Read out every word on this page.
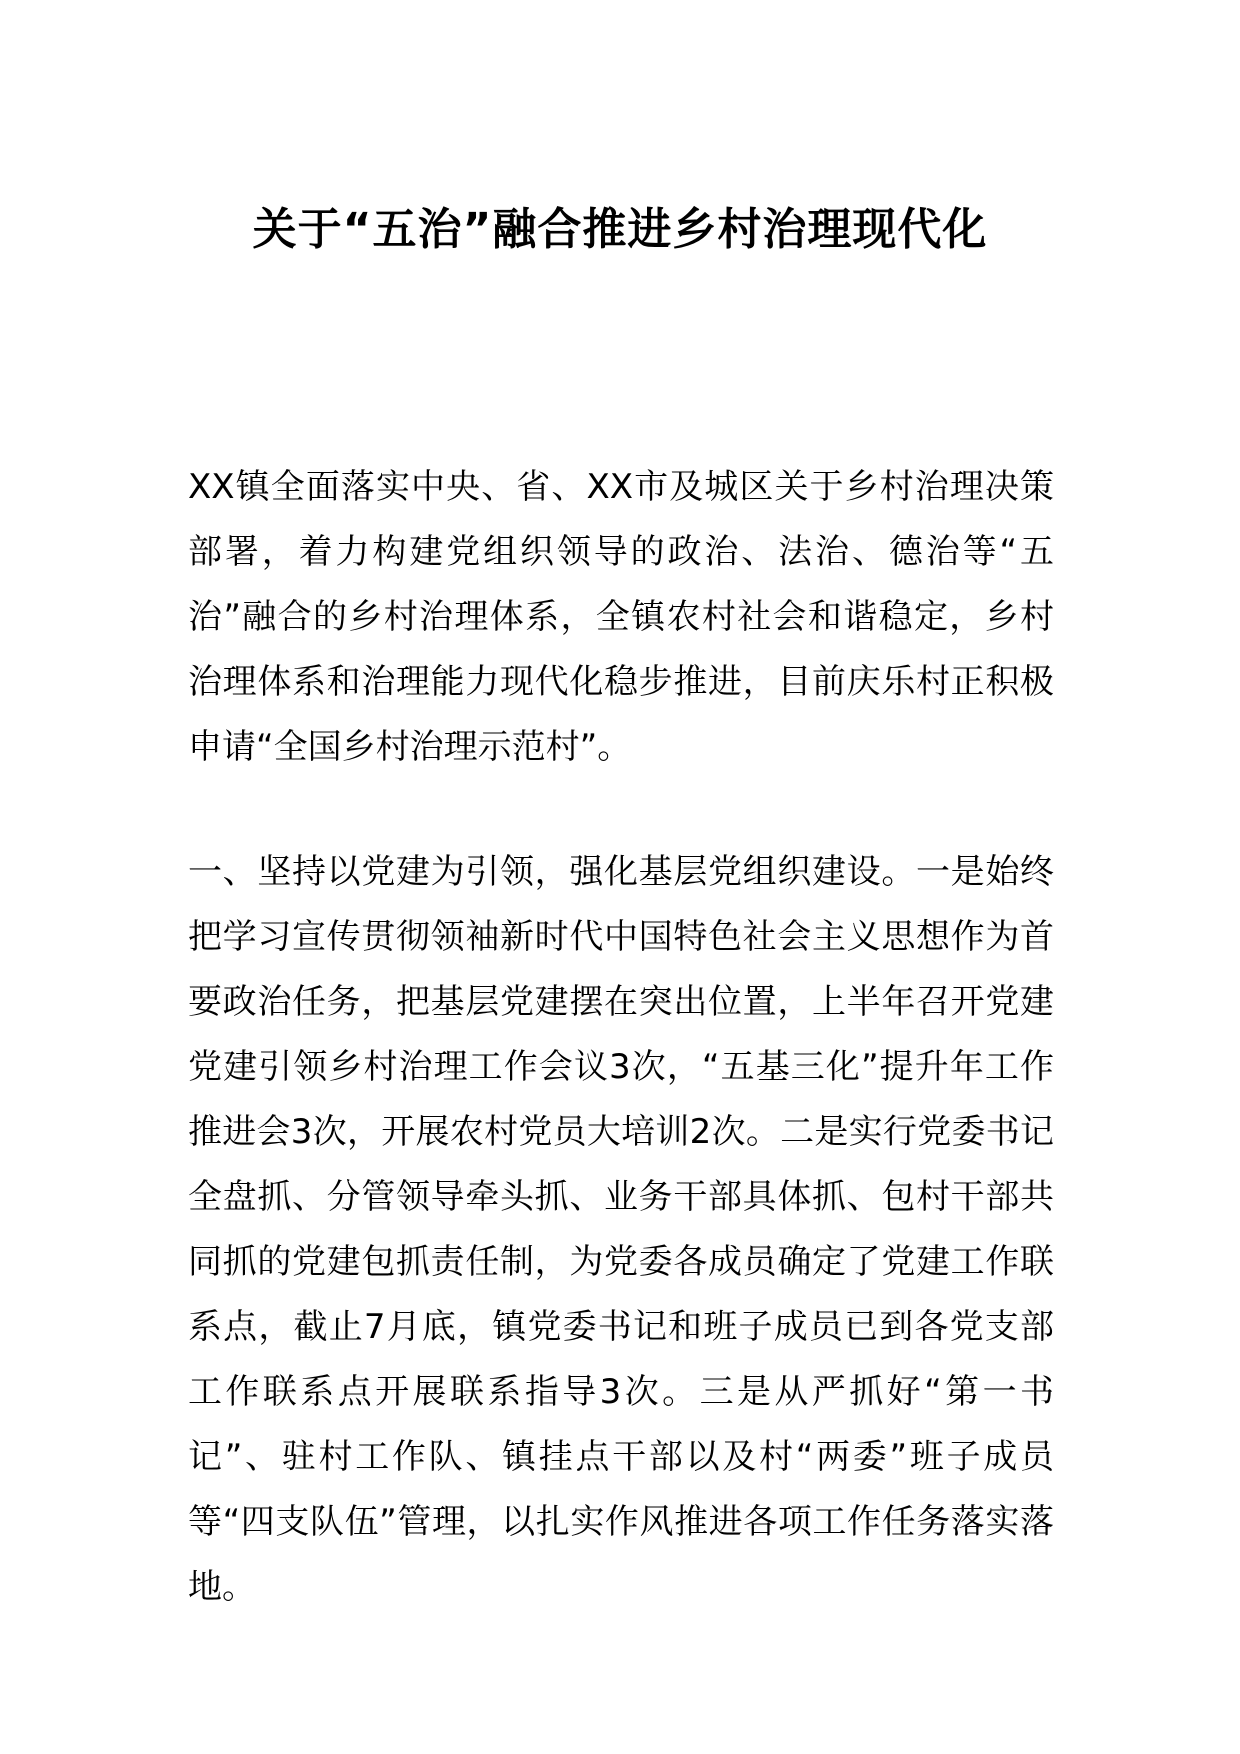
关于“五治”融合推进乡村治理现代化

XX镇全面落实中央、省、XX市及城区关于乡村治理决策部署，着力构建党组织领导的政治、法治、德治等“五治”融合的乡村治理体系，全镇农村社会和谐稳定，乡村治理体系和治理能力现代化稳步推进，目前庆乐村正积极申请“全国乡村治理示范村”。

一、坚持以党建为引领，强化基层党组织建设。一是始终把学习宣传贯彻领袖新时代中国特色社会主义思想作为首要政治任务，把基层党建摆在突出位置，上半年召开党建党建引领乡村治理工作会议3次，“五基三化”提升年工作推进会3次，开展农村党员大培训2次。二是实行党委书记全盘抓、分管领导牵头抓、业务干部具体抓、包村干部共同抓的党建包抓责任制，为党委各成员确定了党建工作联系点，截止7月底，镇党委书记和班子成员已到各党支部工作联系点开展联系指导3次。三是从严抓好“第一书记”、驻村工作队、镇挂点干部以及村“两委”班子成员等“四支队伍”管理，以扎实作风推进各项工作任务落实落地。
